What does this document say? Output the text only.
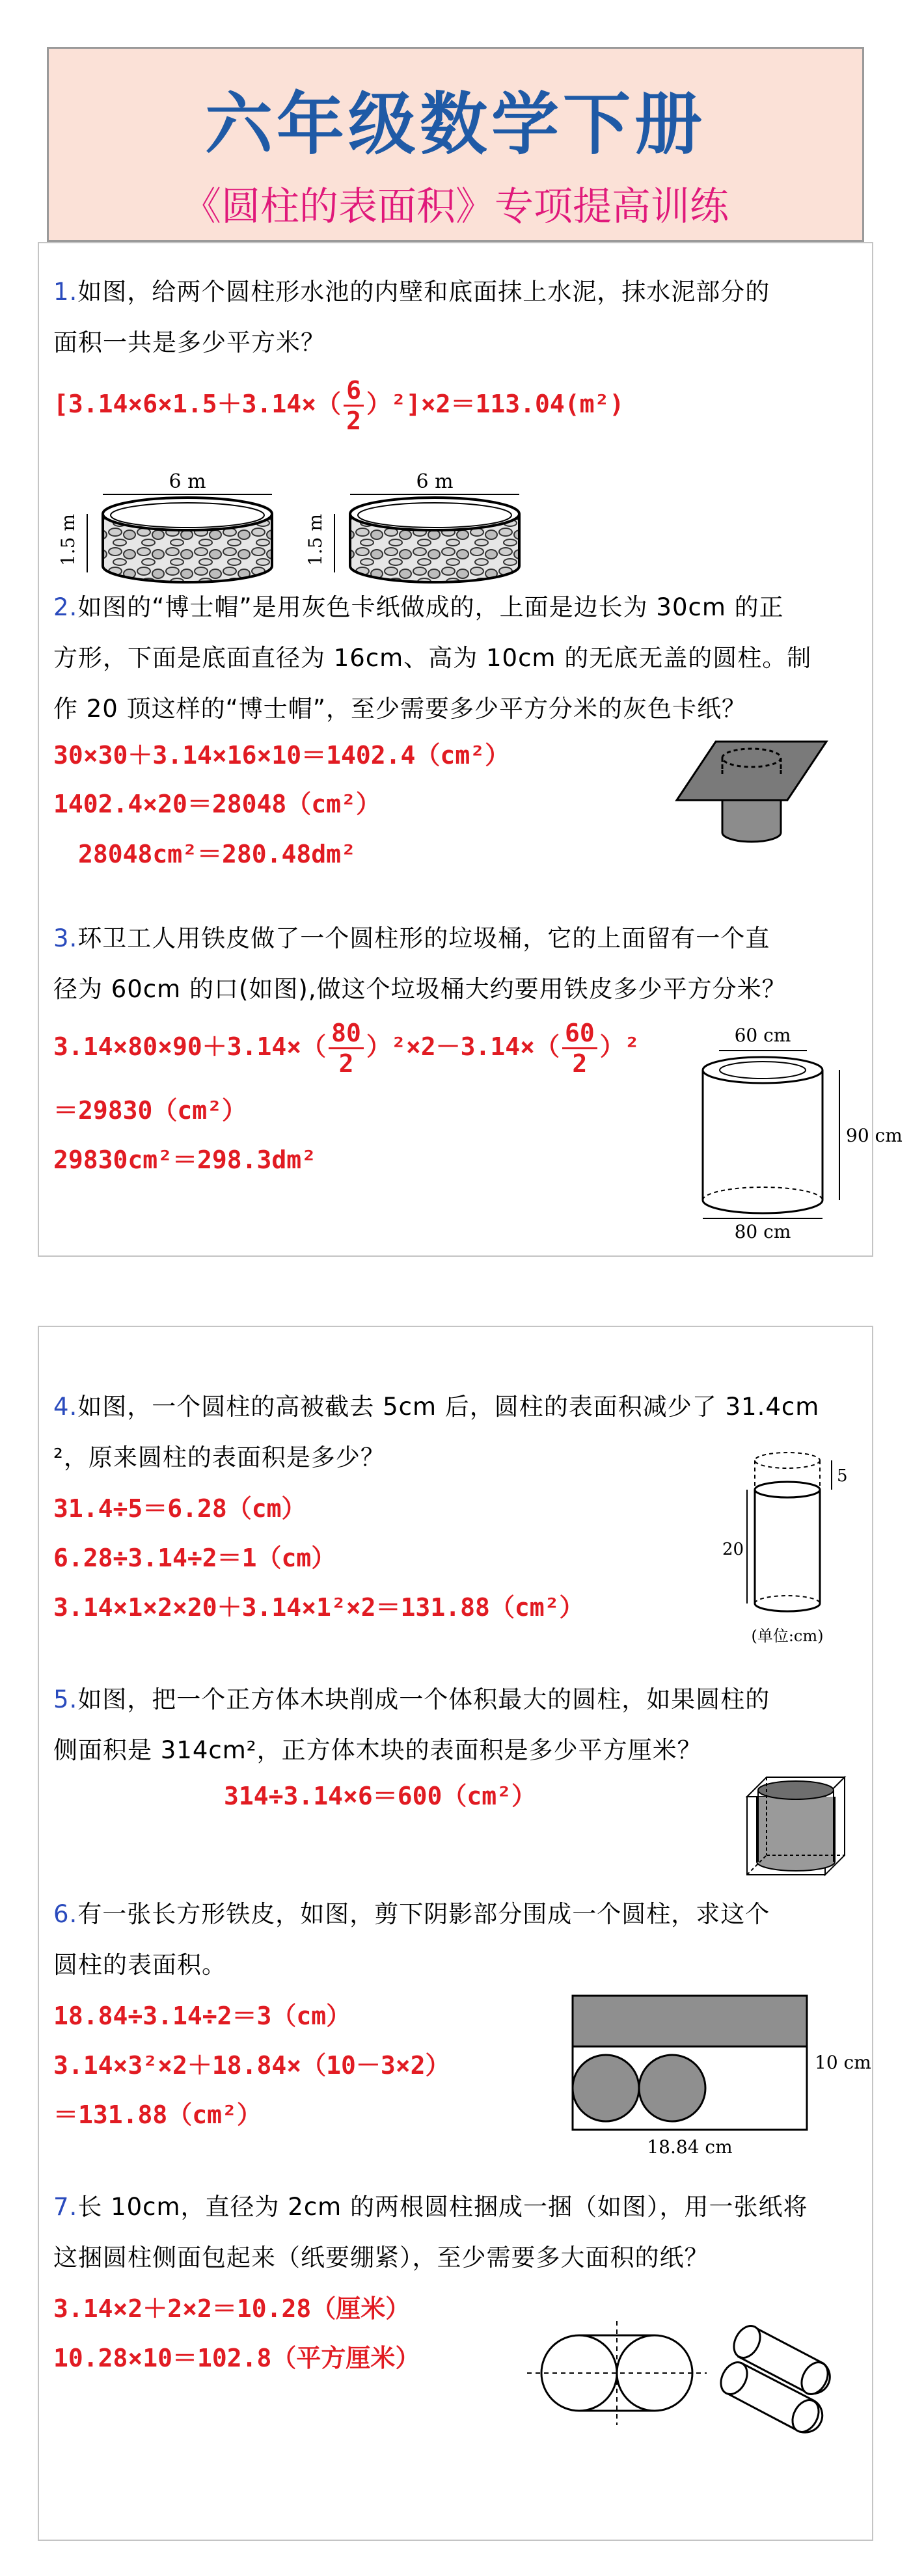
六年级数学下册
《圆柱的表面积》专项提高训练
1.如图，给两个圆柱形水池的内壁和底面抹上水泥，抹水泥部分的
面积一共是多少平方米？
$[3.14\times 6\times 1.5+3.14\times( \frac{6}{2} )^2]\times 2=113.04(m^2)$
6 m
1.5 m
6 m
1.5 m
2.如图的“博士帽”是用灰色卡纸做成的，上面是边长为 30cm 的正
方形，下面是底面直径为 16cm、高为 10cm 的无底无盖的圆柱。制
作 20 顶这样的“博士帽”，至少需要多少平方分米的灰色卡纸？
30×30＋3.14×16×10＝1402.4（cm²）
1402.4×20＝28048（cm²）
28048cm²＝280.48dm²
3.环卫工人用铁皮做了一个圆柱形的垃圾桶，它的上面留有一个直
径为 60cm 的口(如图),做这个垃圾桶大约要用铁皮多少平方分米？
$3.14\times 80\times 90+3.14\times( \frac{80}{2} )^2\times 2-3.14\times( \frac{60}{2} )^2$
＝29830（cm²）
29830cm²＝298.3dm²
60 cm
90 cm
80 cm
4.如图，一个圆柱的高被截去 5cm 后，圆柱的表面积减少了 31.4cm
²，原来圆柱的表面积是多少？
31.4÷5＝6.28（cm）
6.28÷3.14÷2＝1（cm）
3.14×1×2×20＋3.14×1²×2＝131.88（cm²）
5
20
(单位:cm)
5.如图，把一个正方体木块削成一个体积最大的圆柱，如果圆柱的
侧面积是 314cm²，正方体木块的表面积是多少平方厘米？
314÷3.14×6＝600（cm²）
6.有一张长方形铁皮，如图，剪下阴影部分围成一个圆柱，求这个
圆柱的表面积。
18.84÷3.14÷2＝3（cm）
3.14×3²×2＋18.84×（10－3×2）
＝131.88（cm²）
10 cm
18.84 cm
7.长 10cm，直径为 2cm 的两根圆柱捆成一捆（如图），用一张纸将
这捆圆柱侧面包起来（纸要绷紧），至少需要多大面积的纸？
3.14×2＋2×2＝10.28（厘米）
10.28×10＝102.8（平方厘米）
